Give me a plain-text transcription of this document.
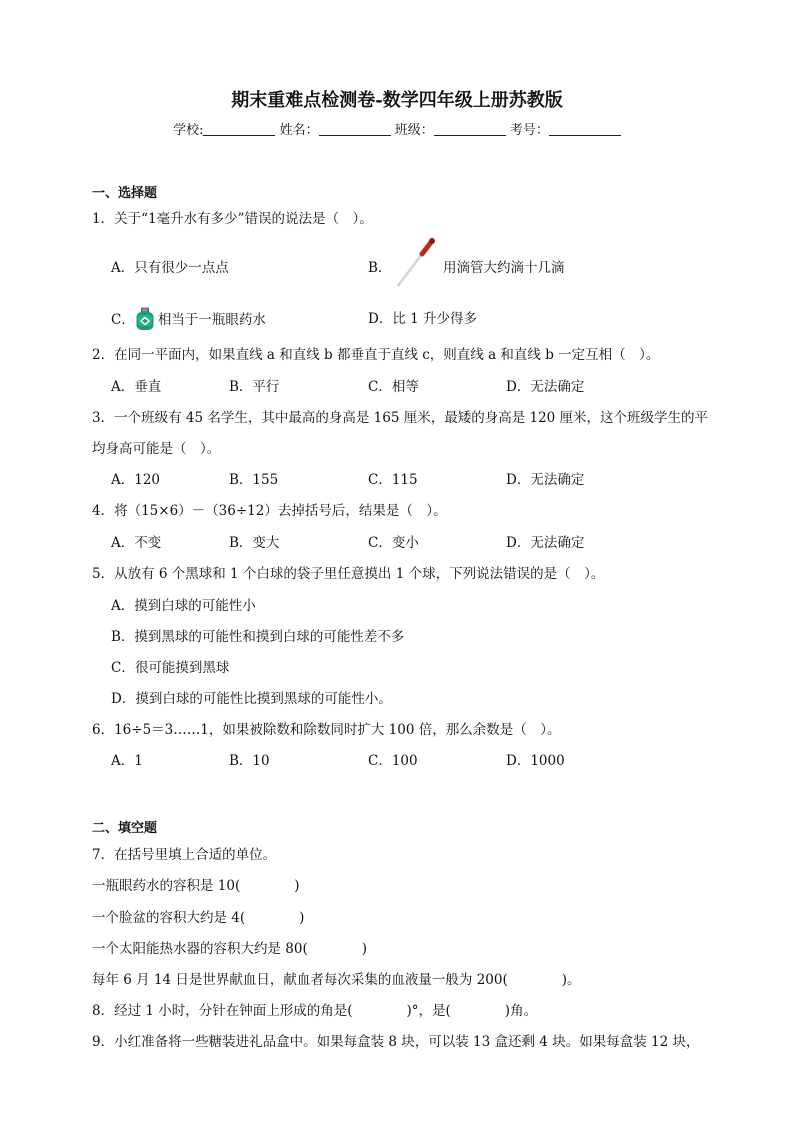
期末重难点检测卷-数学四年级上册苏教版
学校:	姓名：	班级：	考号：
一、选择题
1．关于“1毫升水有多少”错误的说法是（　）。
A．只有很少一点点	B．	用滴管大约滴十几滴
C． 相当于一瓶眼药水	D．比 1 升少得多
2．在同一平面内，如果直线 a 和直线 b 都垂直于直线 c，则直线 a 和直线 b 一定互相（　）。
A．垂直	B．平行	C．相等	D．无法确定
3．一个班级有 45 名学生，其中最高的身高是 165 厘米，最矮的身高是 120 厘米，这个班级学生的平
均身高可能是（　）。
A．120	B．155	C．115	D．无法确定
4．将（15×6）－（36÷12）去掉括号后，结果是（　）。
A．不变	B．变大	C．变小	D．无法确定
5．从放有 6 个黑球和 1 个白球的袋子里任意摸出 1 个球，下列说法错误的是（　）。
A．摸到白球的可能性小
B．摸到黑球的可能性和摸到白球的可能性差不多
C．很可能摸到黑球
D．摸到白球的可能性比摸到黑球的可能性小。
6．16÷5＝3……1，如果被除数和除数同时扩大 100 倍，那么余数是（　）。
A．1	B．10	C．100	D．1000
二、填空题
7．在括号里填上合适的单位。
一瓶眼药水的容积是 10(　　　　)
一个脸盆的容积大约是 4(　　　　)
一个太阳能热水器的容积大约是 80(　　　　)
每年 6 月 14 日是世界献血日，献血者每次采集的血液量一般为 200(　　　　)。
8．经过 1 小时，分针在钟面上形成的角是(　　　　)°，是(　　　　)角。
9．小红准备将一些糖装进礼品盒中。如果每盒装 8 块，可以装 13 盒还剩 4 块。如果每盒装 12 块，
